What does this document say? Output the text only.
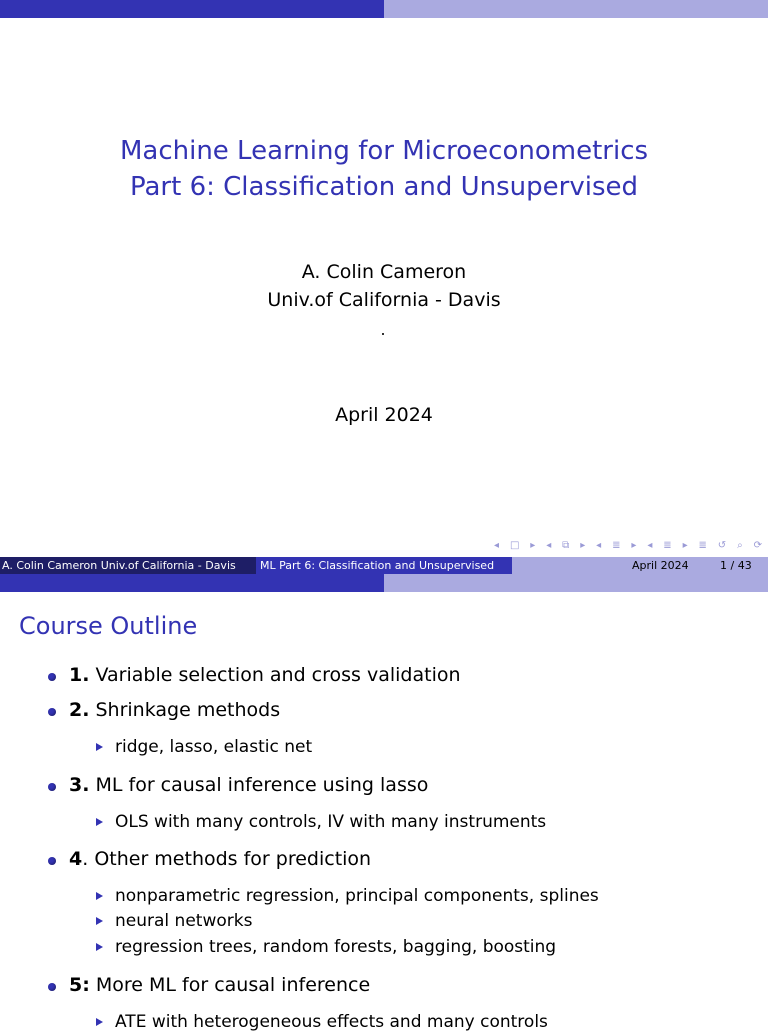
Machine Learning for Microeconometrics
Part 6: Classification and Unsupervised
A. Colin Cameron
Univ.of California - Davis
April 2024
◂ □ ▸ ◂ ⧉ ▸ ◂ ≣ ▸ ◂ ≣ ▸ ≣ ↺ ⌕ ⟳
A. Colin Cameron Univ.of California - Davis	ML Part 6: Classification and Unsupervised	April 2024	1 / 43
Course Outline
1. Variable selection and cross validation
2. Shrinkage methods
ridge, lasso, elastic net
3. ML for causal inference using lasso
OLS with many controls, IV with many instruments
4. Other methods for prediction
nonparametric regression, principal components, splines
neural networks
regression trees, random forests, bagging, boosting
5: More ML for causal inference
ATE with heterogeneous effects and many controls
